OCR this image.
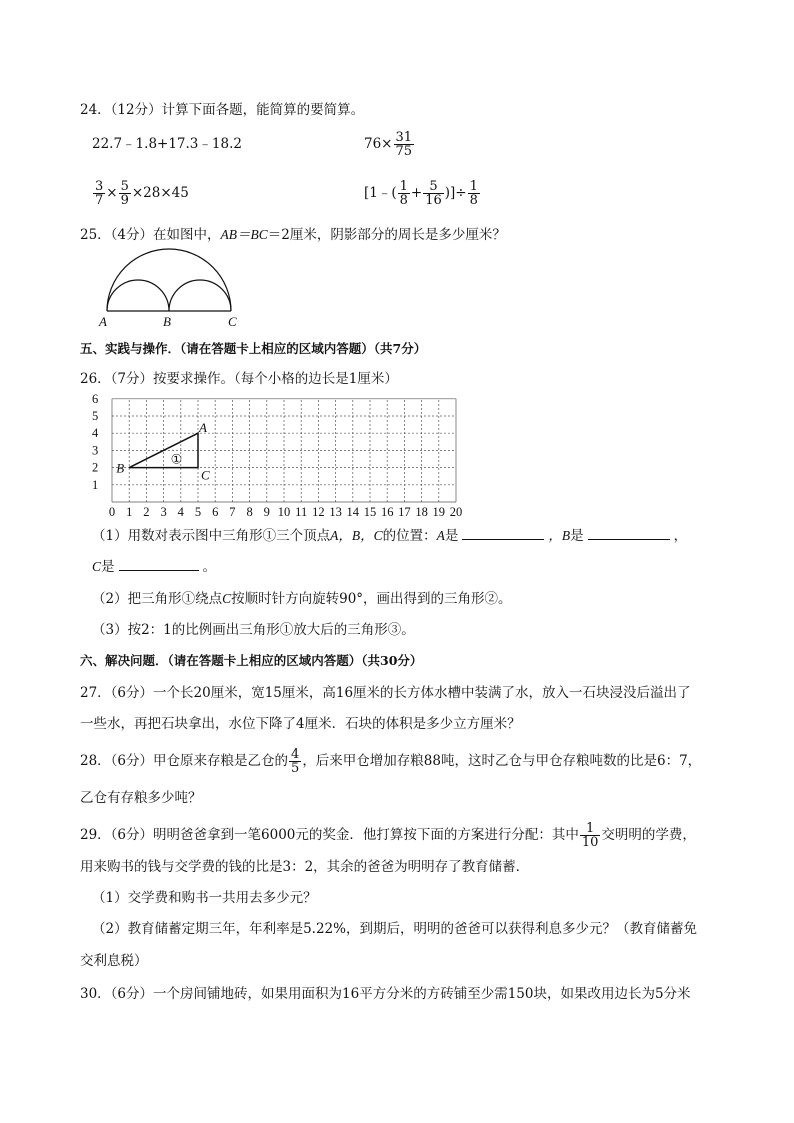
24．（12分）计算下面各题，能简算的要简算。
22.7﹣1.8+17.3﹣18.2	$76\times \frac{31}{75}$
$\frac{3}{7} \times \frac{5}{9} \times 28\times 45$	[1﹣( $\frac{1}{8} + \frac{5}{16}$ )]÷ $\frac{1}{8}$
25．（4分）在如图中，AB＝BC＝2厘米，阴影部分的周长是多少厘米？
A	B	C
五、实践与操作．（请在答题卡上相应的区域内答题）（共7分）
26．（7分）按要求操作。（每个小格的边长是1厘米）
0 1 2 3 4 5 6 7 8 9 10 11 12 13 14 15 16 17 18 19 20
1
2
3
4
5
6
A
B	C
①
（1）用数对表示图中三角形①三个顶点A，B，C的位置：A是	，B是	，
C是	。
（2）把三角形①绕点C按顺时针方向旋转90°，画出得到的三角形②。
（3）按2：1的比例画出三角形①放大后的三角形③。
六、解决问题．（请在答题卡上相应的区域内答题）（共30分）
27．（6分）一个长20厘米，宽15厘米，高16厘米的长方体水槽中装满了水，放入一石块浸没后溢出了
一些水，再把石块拿出，水位下降了4厘米．石块的体积是多少立方厘米？
28．（6分）甲仓原来存粮是乙仓的 $\frac{4}{5}$ ，后来甲仓增加存粮88吨，这时乙仓与甲仓存粮吨数的比是6：7，
乙仓有存粮多少吨？
29．（6分）明明爸爸拿到一笔6000元的奖金．他打算按下面的方案进行分配：其中 $\frac{1}{10}$ 交明明的学费，
用来购书的钱与交学费的钱的比是3：2，其余的爸爸为明明存了教育储蓄．
（1）交学费和购书一共用去多少元？
（2）教育储蓄定期三年，年利率是5.22%，到期后，明明的爸爸可以获得利息多少元？（教育储蓄免
交利息税）
30．（6分）一个房间铺地砖，如果用面积为16平方分米的方砖铺至少需150块，如果改用边长为5分米
